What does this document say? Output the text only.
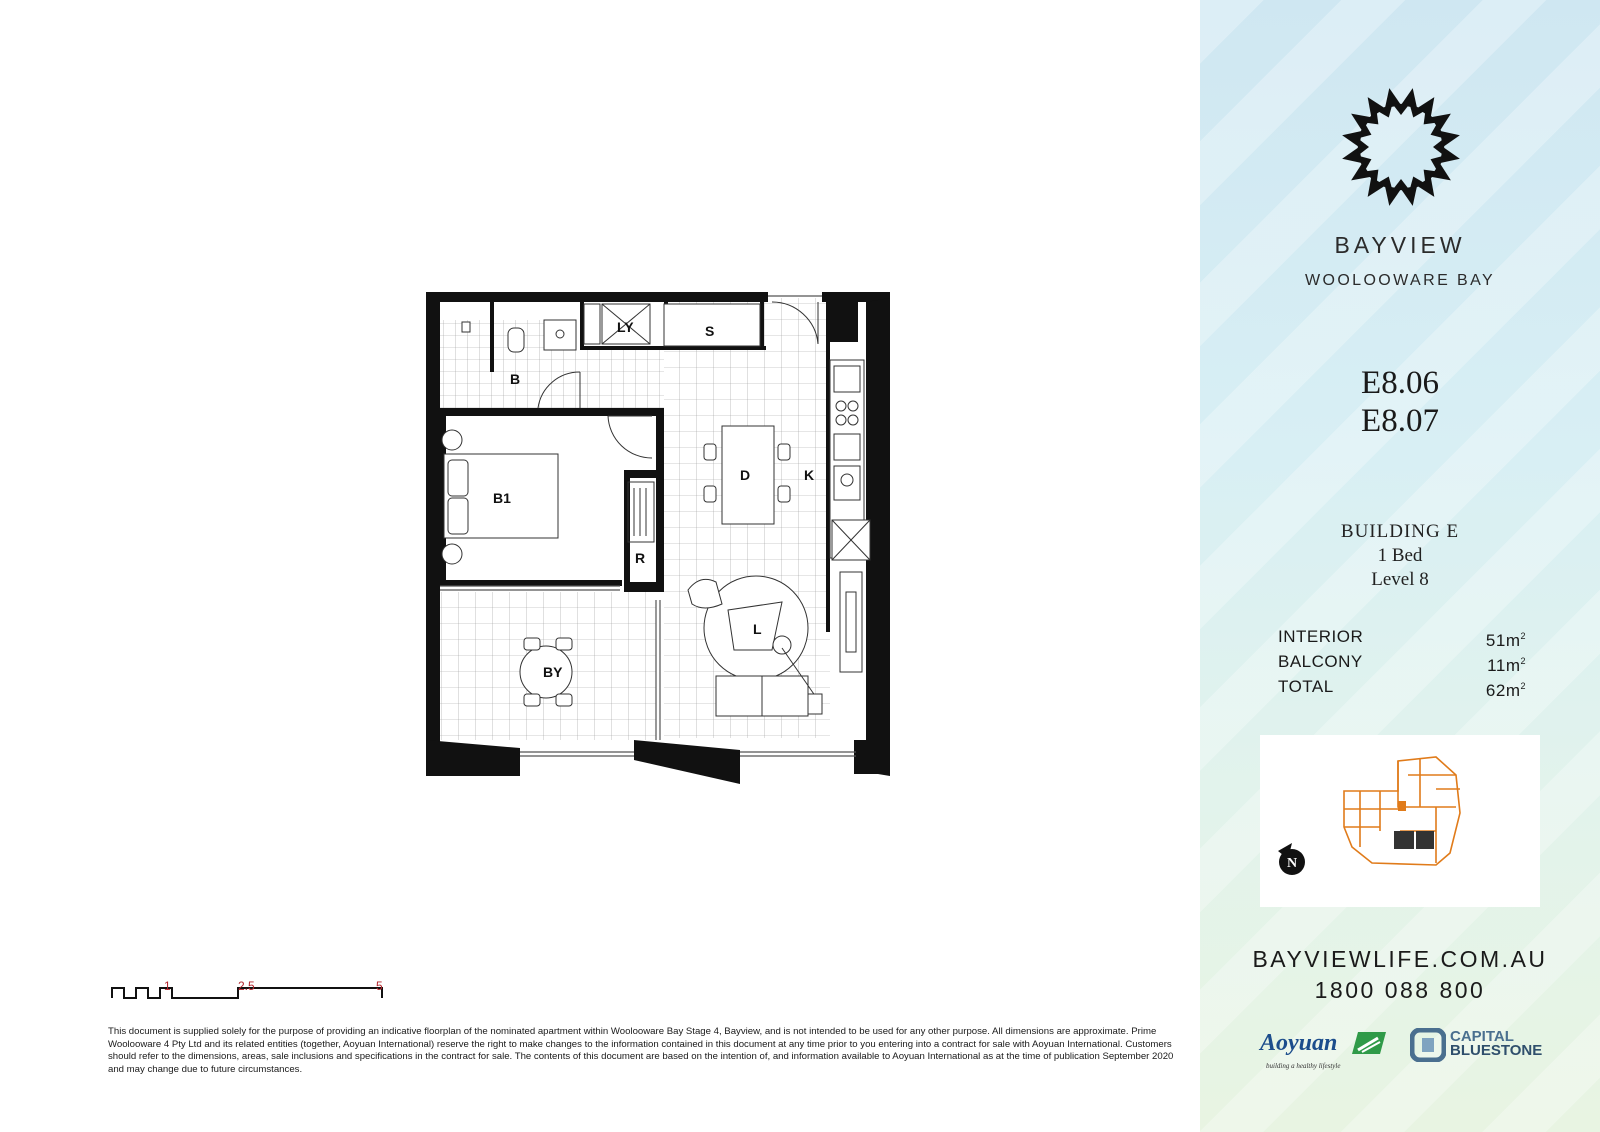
B
LY	S
B1
D	K
R
L
BY
1	2.5	5
This document is supplied solely for the purpose of providing an indicative floorplan of the nominated apartment within Woolooware Bay Stage 4, Bayview, and is not intended to be used for any other purpose. All dimensions are approximate. Prime Woolooware 4 Pty Ltd and its related entities (together, Aoyuan International) reserve the right to make changes to the information contained in this document at any time prior to you entering into a contract for sale with Aoyuan International. Customers should refer to the dimensions, areas, sale inclusions and specifications in the contract for sale. The contents of this document are based on the intention of, and information available to Aoyuan International as at the time of publication September 2020 and may change due to future circumstances.
BAYVIEW
WOOLOOWARE BAY
E8.06
E8.07
BUILDING E
1 Bed
Level 8
INTERIOR	$51m^2$
BALCONY	$11m^2$
TOTAL	$62m^2$
N
BAYVIEWLIFE.COM.AU
1800 088 800
Aoyuan
building a healthy lifestyle
CAPITAL
BLUESTONE
